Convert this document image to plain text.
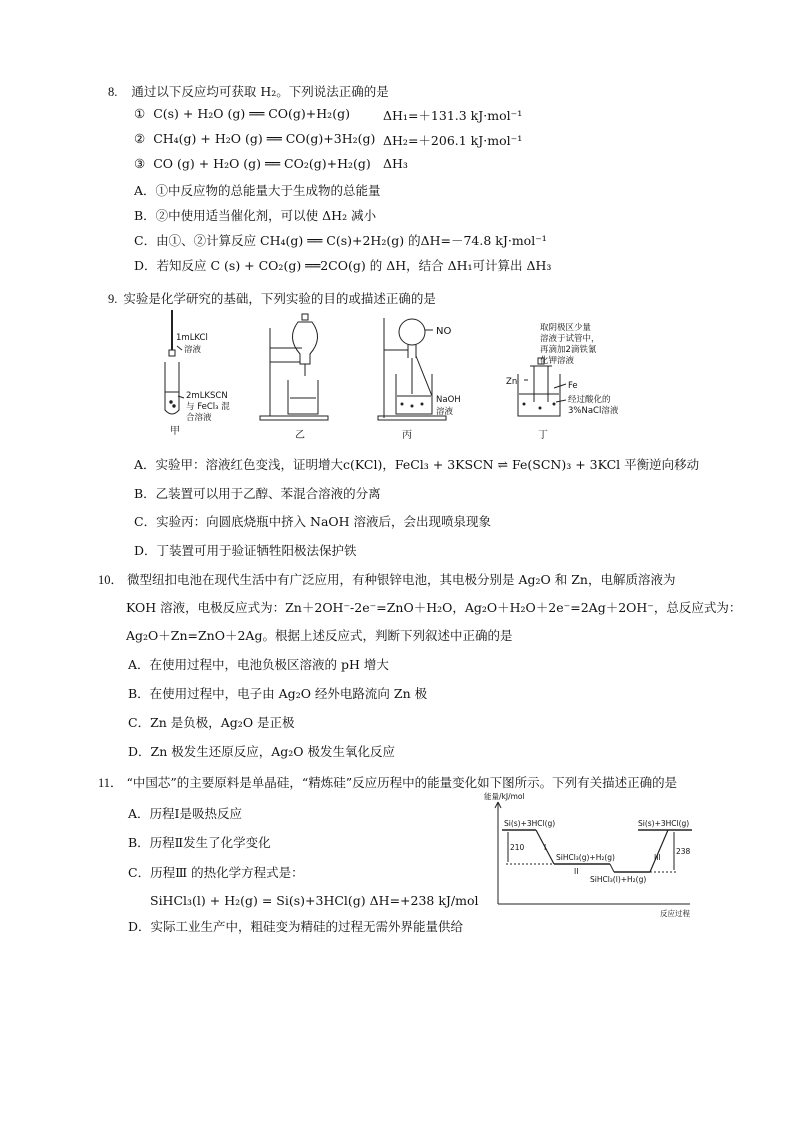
8. 通过以下反应均可获取 H₂。下列说法正确的是
① C(s) + H₂O (g) ══ CO(g)+H₂(g)	ΔH₁=＋131.3 kJ·mol⁻¹
② CH₄(g) + H₂O (g) ══ CO(g)+3H₂(g) ΔH₂=＋206.1 kJ·mol⁻¹
③ CO (g) + H₂O (g) ══ CO₂(g)+H₂(g) ΔH₃
A．①中反应物的总能量大于生成物的总能量
B．②中使用适当催化剂，可以使 ΔH₂ 减小
C．由①、②计算反应 CH₄(g) ══ C(s)+2H₂(g) 的ΔH=－74.8 kJ·mol⁻¹
D．若知反应 C (s) + CO₂(g) ══2CO(g) 的 ΔH，结合 ΔH₁可计算出 ΔH₃
9. 实验是化学研究的基础，下列实验的目的或描述正确的是
1mLKCl
溶液
2mLKSCN
与 FeCl₃ 混
合溶液
甲	乙
NO
NaOH
溶液
丙
取阴极区少量
溶液于试管中，
再滴加2滴铁氰
化钾溶液
Zn	Fe
经过酸化的
3%NaCl溶液
丁
A．实验甲：溶液红色变浅，证明增大c(KCl)，FeCl₃ + 3KSCN ⇌ Fe(SCN)₃ + 3KCl 平衡逆向移动
B．乙装置可以用于乙醇、苯混合溶液的分离
C．实验丙：向圆底烧瓶中挤入 NaOH 溶液后，会出现喷泉现象
D．丁装置可用于验证牺牲阳极法保护铁
10． 微型纽扣电池在现代生活中有广泛应用，有种银锌电池，其电极分别是 Ag₂O 和 Zn，电解质溶液为
KOH 溶液，电极反应式为：Zn＋2OH⁻-2e⁻=ZnO＋H₂O，Ag₂O＋H₂O＋2e⁻=2Ag＋2OH⁻，总反应式为：
Ag₂O＋Zn=ZnO＋2Ag。根据上述反应式，判断下列叙述中正确的是
A．在使用过程中，电池负极区溶液的 pH 增大
B．在使用过程中，电子由 Ag₂O 经外电路流向 Zn 极
C．Zn 是负极，Ag₂O 是正极
D．Zn 极发生还原反应，Ag₂O 极发生氧化反应
11． “中国芯”的主要原料是单晶硅，“精炼硅”反应历程中的能量变化如下图所示。下列有关描述正确的是
A．历程Ⅰ是吸热反应
B．历程Ⅱ发生了化学变化
C．历程Ⅲ 的热化学方程式是：
SiHCl₃(l) + H₂(g) = Si(s)+3HCl(g) ΔH=+238 kJ/mol
D．实际工业生产中，粗硅变为精硅的过程无需外界能量供给
能量/kJ/mol
反应过程
Si(s)+3HCl(g)	Si(s)+3HCl(g)
SiHCl₃(g)+H₂(g)
SiHCl₃(l)+H₂(g)
210	238
I
II
III
